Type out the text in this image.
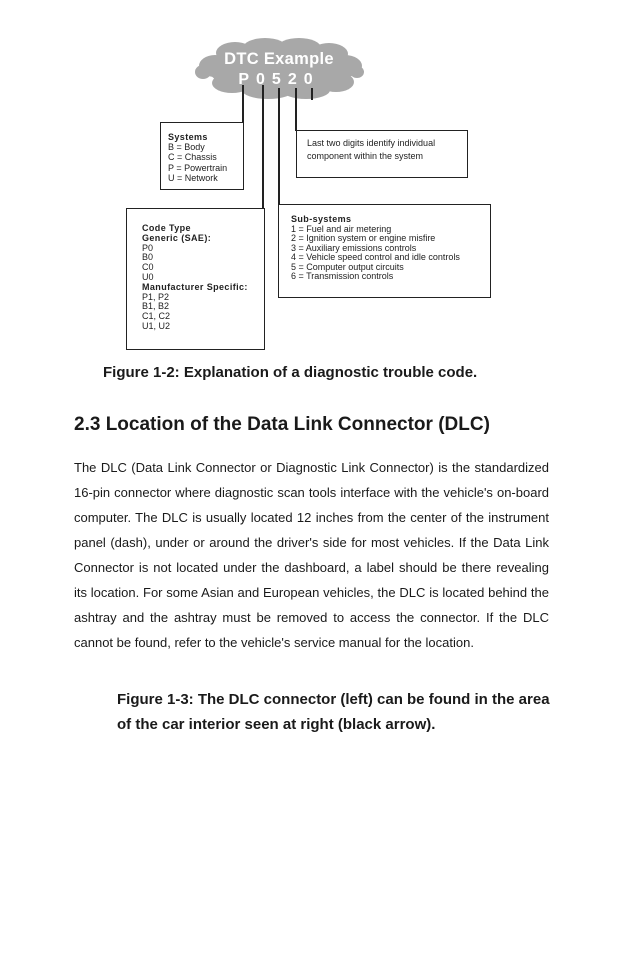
DTC Example
P0520
Systems
B = Body
C = Chassis
P = Powertrain
U = Network
Last two digits identify individual
component within the system
Code Type
Generic (SAE):
P0
B0
C0
U0
Manufacturer Specific:
P1, P2
B1, B2
C1, C2
U1, U2
Sub-systems
1 = Fuel and air metering
2 = Ignition system or engine misfire
3 = Auxiliary emissions controls
4 = Vehicle speed control and idle controls
5 = Computer output circuits
6 = Transmission controls
Figure 1-2: Explanation of a diagnostic trouble code.
2.3 Location of the Data Link Connector (DLC)
The DLC (Data Link Connector or Diagnostic Link Connector) is the standardized 16-pin connector where diagnostic scan tools interface with the vehicle's on-board computer. The DLC is usually located 12 inches from the center of the instrument panel (dash), under or around the driver's side for most vehicles. If the Data Link Connector is not located under the dashboard, a label should be there revealing its location. For some Asian and European vehicles, the DLC is located behind the ashtray and the ashtray must be removed to access the connector. If the DLC cannot be found, refer to the vehicle's service manual for the location.
Figure 1-3: The DLC connector (left) can be found in the area of the car interior seen at right (black arrow).
